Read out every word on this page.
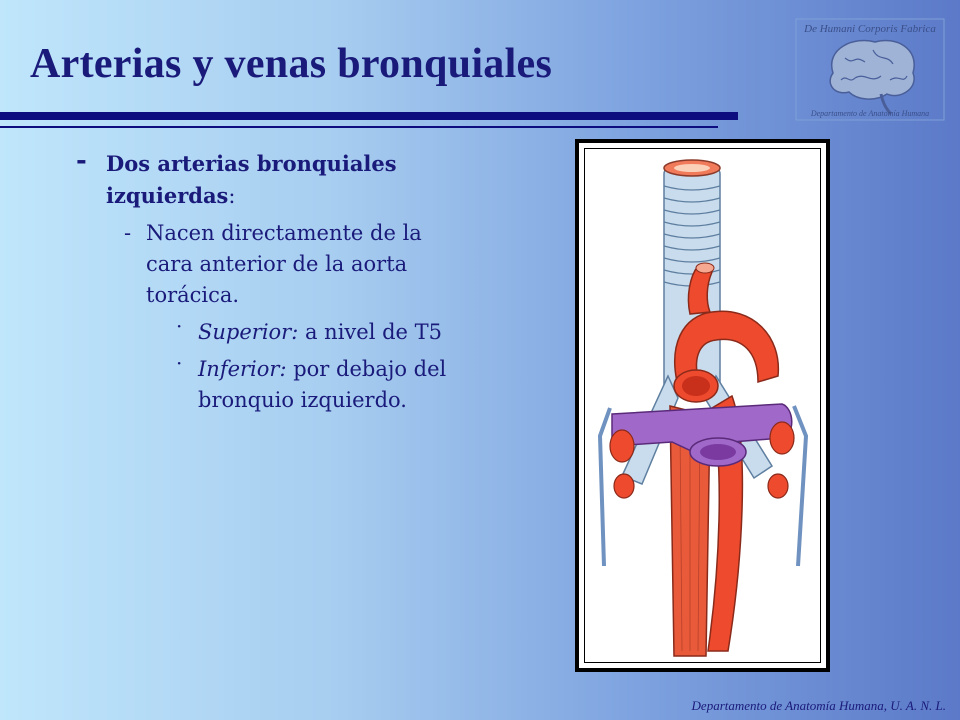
Arterias y venas bronquiales
De Humani Corporis Fabrica
Departamento de Anatomía Humana
- Dos arterias bronquiales izquierdas:
- Nacen directamente de la cara anterior de la aorta torácica.
· Superior: a nivel de T5
· Inferior: por debajo del bronquio izquierdo.
Departamento de Anatomía Humana, U. A. N. L.
